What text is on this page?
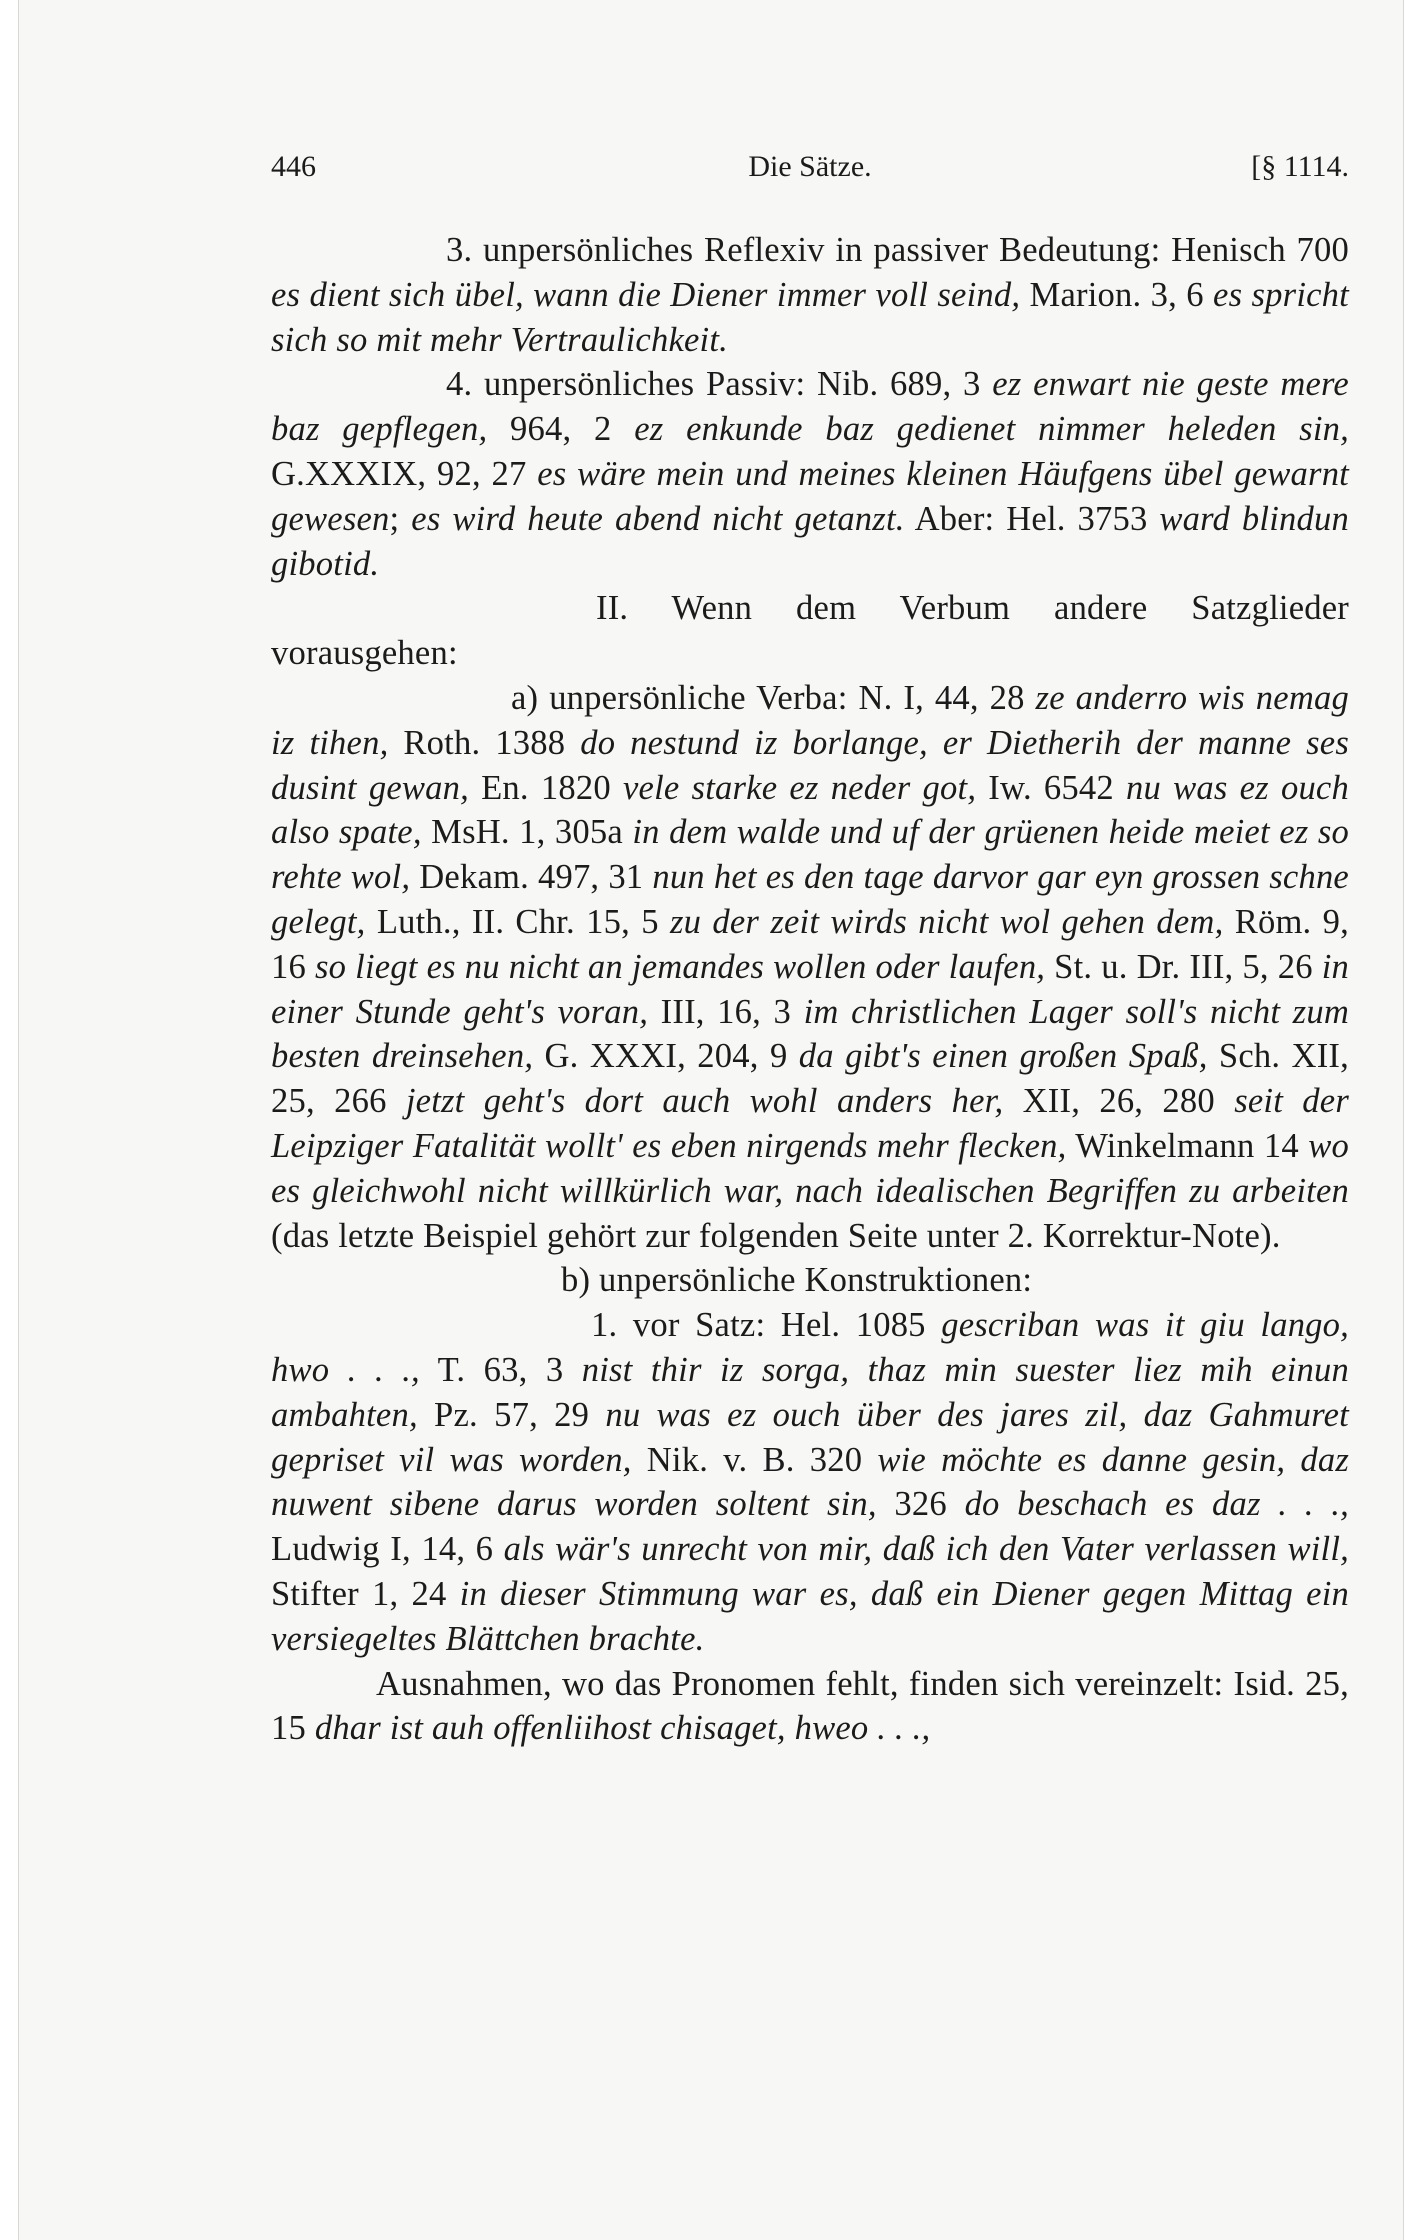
446	Die Sätze.	[§ 1114.

3. unpersönliches Reflexiv in passiver Bedeutung: Henisch 700 es dient sich übel, wann die Diener immer voll seind, Marion. 3, 6 es spricht sich so mit mehr Vertraulichkeit.

4. unpersönliches Passiv: Nib. 689, 3 ez enwart nie geste mere baz gepflegen, 964, 2 ez enkunde baz gedienet nimmer heleden sin, G.XXXIX, 92, 27 es wäre mein und meines kleinen Häufgens übel gewarnt gewesen; es wird heute abend nicht getanzt. Aber: Hel. 3753 ward blindun gibotid.

II. Wenn dem Verbum andere Satzglieder vorausgehen:

a) unpersönliche Verba: N. I, 44, 28 ze anderro wis nemag iz tihen, Roth. 1388 do nestund iz borlange, er Dietherih der manne ses dusint gewan, En. 1820 vele starke ez neder got, Iw. 6542 nu was ez ouch also spate, MsH. 1, 305a in dem walde und uf der grüenen heide meiet ez so rehte wol, Dekam. 497, 31 nun het es den tage darvor gar eyn grossen schne gelegt, Luth., II. Chr. 15, 5 zu der zeit wirds nicht wol gehen dem, Röm. 9, 16 so liegt es nu nicht an jemandes wollen oder laufen, St. u. Dr. III, 5, 26 in einer Stunde geht's voran, III, 16, 3 im christlichen Lager soll's nicht zum besten dreinsehen, G. XXXI, 204, 9 da gibt's einen großen Spaß, Sch. XII, 25, 266 jetzt geht's dort auch wohl anders her, XII, 26, 280 seit der Leipziger Fatalität wollt' es eben nirgends mehr flecken, Winkelmann 14 wo es gleichwohl nicht willkürlich war, nach idealischen Begriffen zu arbeiten (das letzte Beispiel gehört zur folgenden Seite unter 2. Korrektur-Note).

b) unpersönliche Konstruktionen:

1. vor Satz: Hel. 1085 gescriban was it giu lango, hwo . . ., T. 63, 3 nist thir iz sorga, thaz min suester liez mih einun ambahten, Pz. 57, 29 nu was ez ouch über des jares zil, daz Gahmuret gepriset vil was worden, Nik. v. B. 320 wie möchte es danne gesin, daz nuwent sibene darus worden soltent sin, 326 do beschach es daz . . ., Ludwig I, 14, 6 als wär's unrecht von mir, daß ich den Vater verlassen will, Stifter 1, 24 in dieser Stimmung war es, daß ein Diener gegen Mittag ein versiegeltes Blättchen brachte.

Ausnahmen, wo das Pronomen fehlt, finden sich vereinzelt: Isid. 25, 15 dhar ist auh offenliihost chisaget, hweo . . .,
